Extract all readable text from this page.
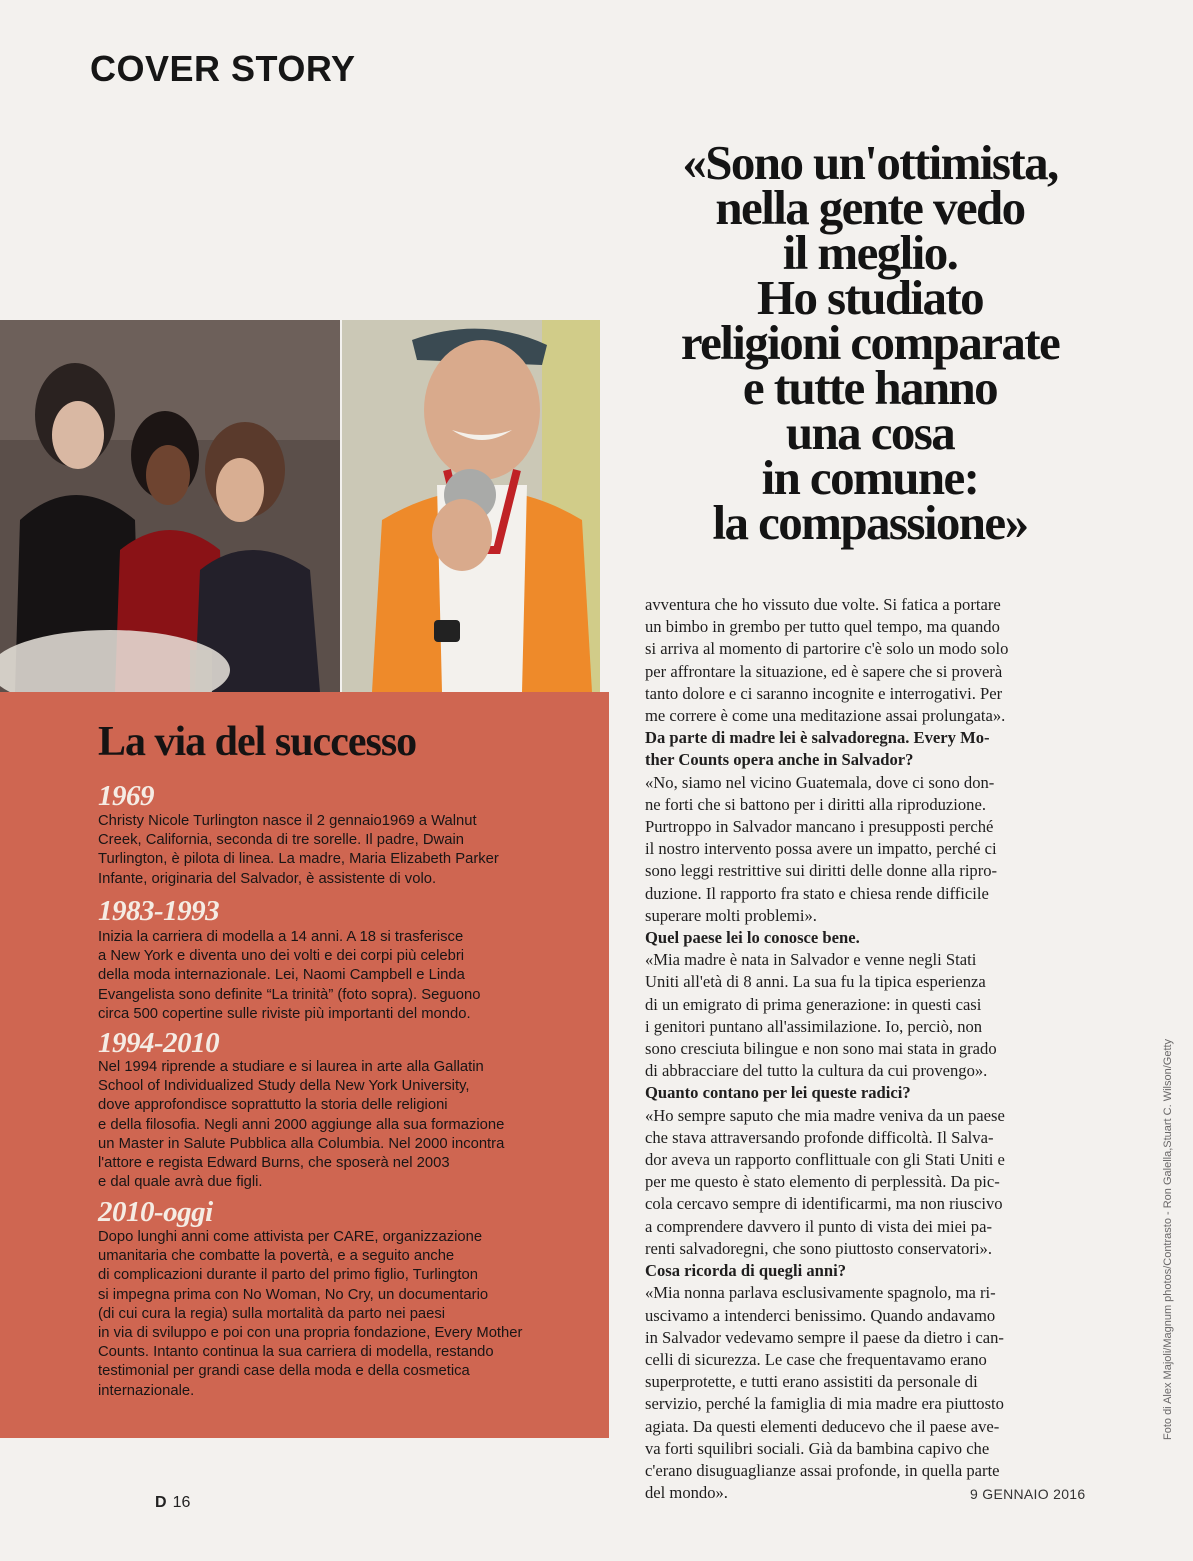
COVER STORY
«Sono un'ottimista,
nella gente vedo
il meglio.
Ho studiato
religioni comparate
e tutte hanno
una cosa
in comune:
la compassione»
La via del successo
1969
Christy Nicole Turlington nasce il 2 gennaio1969 a Walnut
Creek, California, seconda di tre sorelle. Il padre, Dwain
Turlington, è pilota di linea. La madre, Maria Elizabeth Parker
Infante, originaria del Salvador, è assistente di volo.
1983-1993
Inizia la carriera di modella a 14 anni. A 18 si trasferisce
a New York e diventa uno dei volti e dei corpi più celebri
della moda internazionale. Lei, Naomi Campbell e Linda
Evangelista sono definite “La trinità” (foto sopra). Seguono
circa 500 copertine sulle riviste più importanti del mondo.
1994-2010
Nel 1994 riprende a studiare e si laurea in arte alla Gallatin
School of Individualized Study della New York University,
dove approfondisce soprattutto la storia delle religioni
e della filosofia. Negli anni 2000 aggiunge alla sua formazione
un Master in Salute Pubblica alla Columbia. Nel 2000 incontra
l'attore e regista Edward Burns, che sposerà nel 2003
e dal quale avrà due figli.
2010-oggi
Dopo lunghi anni come attivista per CARE, organizzazione
umanitaria che combatte la povertà, e a seguito anche
di complicazioni durante il parto del primo figlio, Turlington
si impegna prima con No Woman, No Cry, un documentario
(di cui cura la regia) sulla mortalità da parto nei paesi
in via di sviluppo e poi con una propria fondazione, Every Mother
Counts. Intanto continua la sua carriera di modella, restando
testimonial per grandi case della moda e della cosmetica
internazionale.
avventura che ho vissuto due volte. Si fatica a portare
un bimbo in grembo per tutto quel tempo, ma quando
si arriva al momento di partorire c'è solo un modo solo
per affrontare la situazione, ed è sapere che si proverà
tanto dolore e ci saranno incognite e interrogativi. Per
me correre è come una meditazione assai prolungata».
Da parte di madre lei è salvadoregna. Every Mo-
ther Counts opera anche in Salvador?
«No, siamo nel vicino Guatemala, dove ci sono don-
ne forti che si battono per i diritti alla riproduzione.
Purtroppo in Salvador mancano i presupposti perché
il nostro intervento possa avere un impatto, perché ci
sono leggi restrittive sui diritti delle donne alla ripro-
duzione. Il rapporto fra stato e chiesa rende difficile
superare molti problemi».
Quel paese lei lo conosce bene.
«Mia madre è nata in Salvador e venne negli Stati
Uniti all'età di 8 anni. La sua fu la tipica esperienza
di un emigrato di prima generazione: in questi casi
i genitori puntano all'assimilazione. Io, perciò, non
sono cresciuta bilingue e non sono mai stata in grado
di abbracciare del tutto la cultura da cui provengo».
Quanto contano per lei queste radici?
«Ho sempre saputo che mia madre veniva da un paese
che stava attraversando profonde difficoltà. Il Salva-
dor aveva un rapporto conflittuale con gli Stati Uniti e
per me questo è stato elemento di perplessità. Da pic-
cola cercavo sempre di identificarmi, ma non riuscivo
a comprendere davvero il punto di vista dei miei pa-
renti salvadoregni, che sono piuttosto conservatori».
Cosa ricorda di quegli anni?
«Mia nonna parlava esclusivamente spagnolo, ma ri-
uscivamo a intenderci benissimo. Quando andavamo
in Salvador vedevamo sempre il paese da dietro i can-
celli di sicurezza. Le case che frequentavamo erano
superprotette, e tutti erano assistiti da personale di
servizio, perché la famiglia di mia madre era piuttosto
agiata. Da questi elementi deducevo che il paese ave-
va forti squilibri sociali. Già da bambina capivo che
c'erano disuguaglianze assai profonde, in quella parte
del mondo».
Foto di Alex Majoli/Magnum photos/Contrasto - Ron Galella,Stuart C. Wilson/Getty
D 16	9 GENNAIO 2016
